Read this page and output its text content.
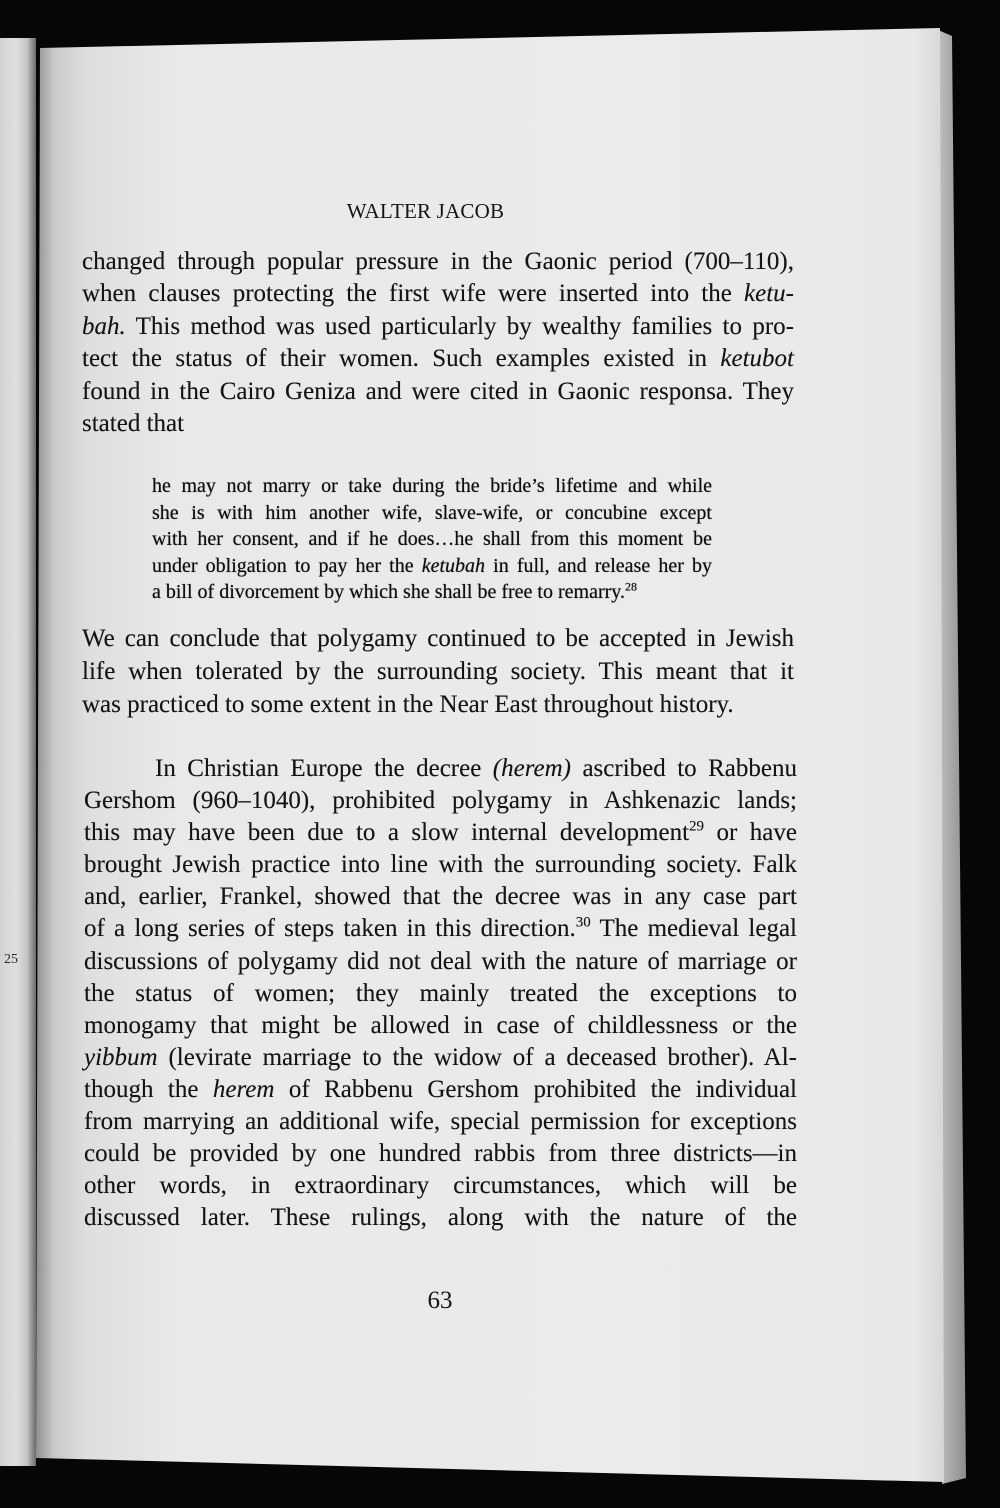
25
WALTER JACOB
changed through popular pressure in the Gaonic period (700–110),
when clauses protecting the first wife were inserted into the ketu-
bah. This method was used particularly by wealthy families to pro-
tect the status of their women. Such examples existed in ketubot
found in the Cairo Geniza and were cited in Gaonic responsa. They
stated that
he may not marry or take during the bride’s lifetime and while
she is with him another wife, slave-wife, or concubine except
with her consent, and if he does…he shall from this moment be
under obligation to pay her the ketubah in full, and release her by
a bill of divorcement by which she shall be free to remarry.$^{28}$
We can conclude that polygamy continued to be accepted in Jewish
life when tolerated by the surrounding society. This meant that it
was practiced to some extent in the Near East throughout history.
In Christian Europe the decree (herem) ascribed to Rabbenu
Gershom (960–1040), prohibited polygamy in Ashkenazic lands;
this may have been due to a slow internal development$^{29}$ or have
brought Jewish practice into line with the surrounding society. Falk
and, earlier, Frankel, showed that the decree was in any case part
of a long series of steps taken in this direction.$^{30}$ The medieval legal
discussions of polygamy did not deal with the nature of marriage or
the status of women; they mainly treated the exceptions to
monogamy that might be allowed in case of childlessness or the
yibbum (levirate marriage to the widow of a deceased brother). Al-
though the herem of Rabbenu Gershom prohibited the individual
from marrying an additional wife, special permission for exceptions
could be provided by one hundred rabbis from three districts—in
other words, in extraordinary circumstances, which will be
discussed later. These rulings, along with the nature of the
63
